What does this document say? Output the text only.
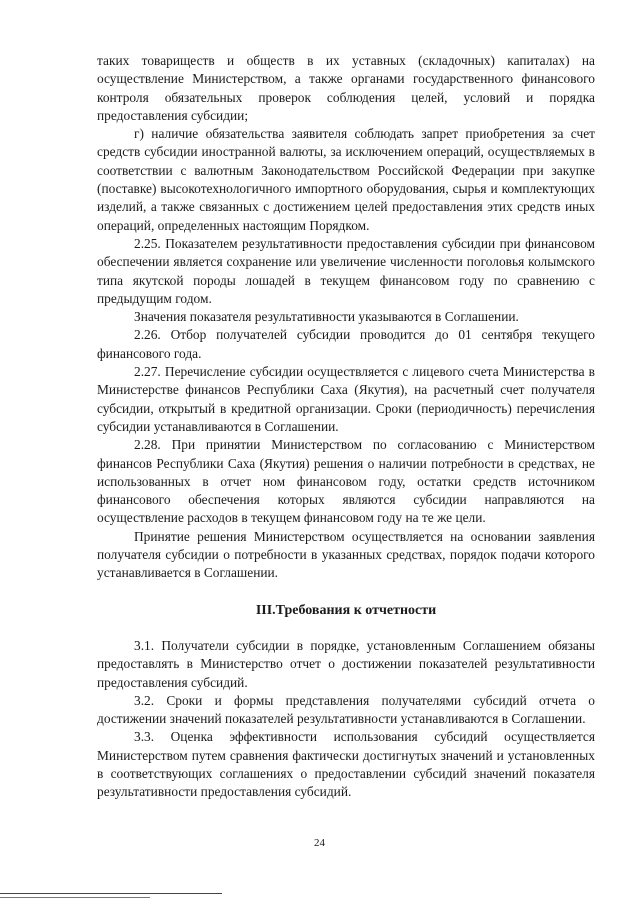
таких товариществ и обществ в их уставных (складочных) капиталах) на осуществление Министерством, а также органами государственного финансового контроля обязательных проверок соблюдения целей, условий и порядка предоставления субсидии;

г) наличие обязательства заявителя соблюдать запрет приобретения за счет средств субсидии иностранной валюты, за исключением операций, осуществляемых в соответствии с валютным Законодательством Российской Федерации при закупке (поставке) высокотехнологичного импортного оборудования, сырья и комплектующих изделий, а также связанных с достижением целей предоставления этих средств иных операций, определенных настоящим Порядком.

2.25. Показателем результативности предоставления субсидии при финансовом обеспечении является сохранение или увеличение численности поголовья колымского типа якутской породы лошадей в текущем финансовом году по сравнению с предыдущим годом.

Значения показателя результативности указываются в Соглашении.

2.26. Отбор получателей субсидии проводится до 01 сентября текущего финансового года.

2.27. Перечисление субсидии осуществляется с лицевого счета Министерства в Министерстве финансов Республики Саха (Якутия), на расчетный счет получателя субсидии, открытый в кредитной организации. Сроки (периодичность) перечисления субсидии устанавливаются в Соглашении.

2.28. При принятии Министерством по согласованию с Министерством финансов Республики Саха (Якутия) решения о наличии потребности в средствах, не использованных в отчет ном финансовом году, остатки средств источником финансового обеспечения которых являются субсидии направляются на осуществление расходов в текущем финансовом году на те же цели.

Принятие решения Министерством осуществляется на основании заявления получателя субсидии о потребности в указанных средствах, порядок подачи которого устанавливается в Соглашении.

III.Требования к отчетности

3.1. Получатели субсидии в порядке, установленным Соглашением обязаны предоставлять в Министерство отчет о достижении показателей результативности предоставления субсидий.

3.2. Сроки и формы представления получателями субсидий отчета о достижении значений показателей результативности устанавливаются в Соглашении.

3.3. Оценка эффективности использования субсидий осуществляется Министерством путем сравнения фактически достигнутых значений и установленных в соответствующих соглашениях о предоставлении субсидий значений показателя результативности предоставления субсидий.

24
